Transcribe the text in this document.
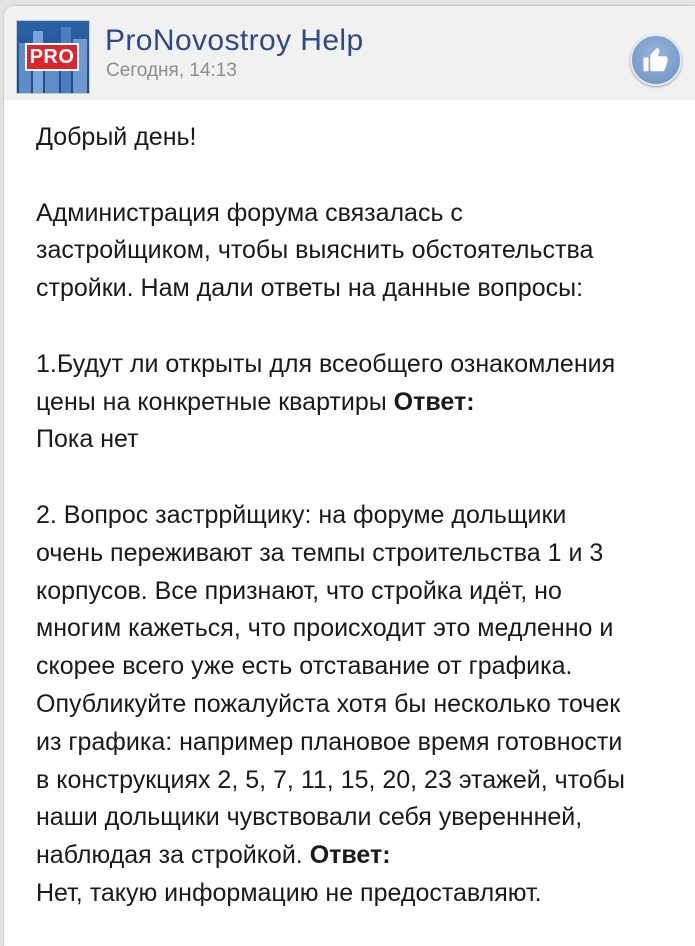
PRO ProNovostroy Help
Сегодня, 14:13

Добрый день!

Администрация форума связалась с

застройщиком, чтобы выяснить обстоятельства

стройки. Нам дали ответы на данные вопросы:

1.Будут ли открыты для всеобщего ознакомления

цены на конкретные квартиры Ответ:

Пока нет

2. Вопрос застррйщику: на форуме дольщики

очень переживают за темпы строительства 1 и 3

корпусов. Все признают, что стройка идёт, но

многим кажеться, что происходит это медленно и

скорее всего уже есть отставание от графика.

Опубликуйте пожалуйста хотя бы несколько точек

из графика: например плановое время готовности

в конструкциях 2, 5, 7, 11, 15, 20, 23 этажей, чтобы

наши дольщики чувствовали себя увереннней,

наблюдая за стройкой. Ответ:

Нет, такую информацию не предоставляют.
